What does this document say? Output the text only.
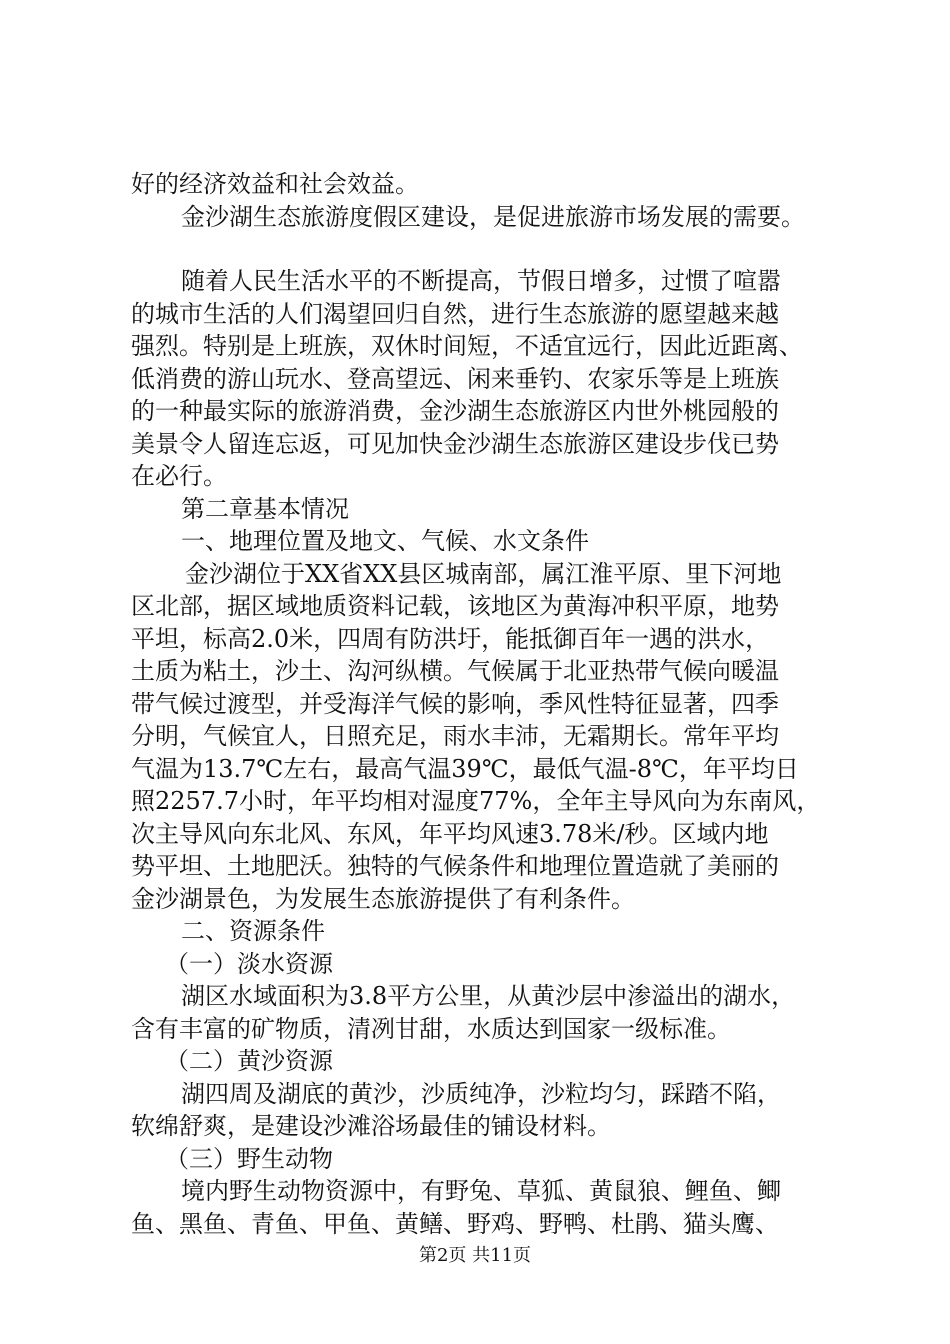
好的经济效益和社会效益。
金沙湖生态旅游度假区建设，是促进旅游市场发展的需要。
随着人民生活水平的不断提高，节假日增多，过惯了喧嚣
的城市生活的人们渴望回归自然，进行生态旅游的愿望越来越
强烈。特别是上班族，双休时间短，不适宜远行，因此近距离、
低消费的游山玩水、登高望远、闲来垂钓、农家乐等是上班族
的一种最实际的旅游消费，金沙湖生态旅游区内世外桃园般的
美景令人留连忘返，可见加快金沙湖生态旅游区建设步伐已势
在必行。
第二章基本情况
一、地理位置及地文、气候、水文条件
金沙湖位于XX省XX县区城南部，属江淮平原、里下河地
区北部，据区域地质资料记载，该地区为黄海冲积平原，地势
平坦，标高2.0米，四周有防洪圩，能抵御百年一遇的洪水，
土质为粘土，沙土、沟河纵横。气候属于北亚热带气候向暖温
带气候过渡型，并受海洋气候的影响，季风性特征显著，四季
分明，气候宜人，日照充足，雨水丰沛，无霜期长。常年平均
气温为13.7℃左右，最高气温39℃，最低气温-8℃，年平均日
照2257.7小时，年平均相对湿度77%，全年主导风向为东南风，
次主导风向东北风、东风，年平均风速3.78米/秒。区域内地
势平坦、土地肥沃。独特的气候条件和地理位置造就了美丽的
金沙湖景色，为发展生态旅游提供了有利条件。
二、资源条件
（一）淡水资源
湖区水域面积为3.8平方公里，从黄沙层中渗溢出的湖水，
含有丰富的矿物质，清冽甘甜，水质达到国家一级标准。
（二）黄沙资源
湖四周及湖底的黄沙，沙质纯净，沙粒均匀，踩踏不陷，
软绵舒爽，是建设沙滩浴场最佳的铺设材料。
（三）野生动物
境内野生动物资源中，有野兔、草狐、黄鼠狼、鲤鱼、鲫
鱼、黑鱼、青鱼、甲鱼、黄鳝、野鸡、野鸭、杜鹃、猫头鹰、
第2页 共11页
